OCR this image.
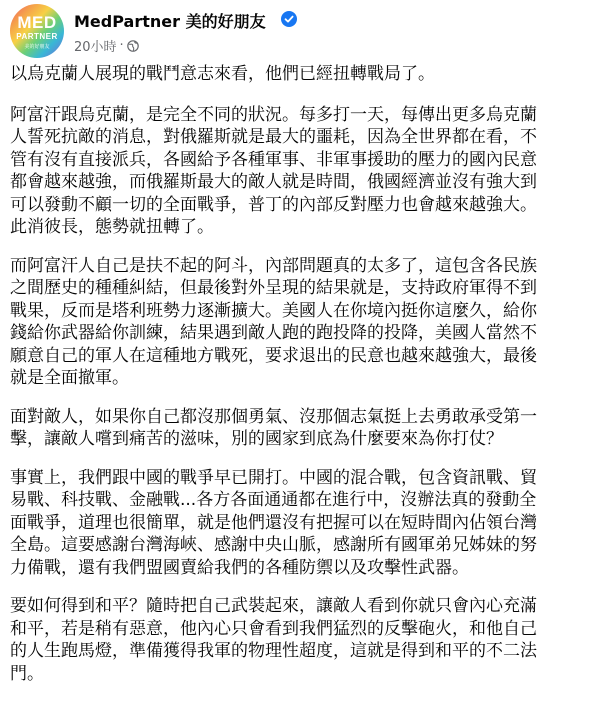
MED
PARTNER
美的好朋友
MedPartner 美的好朋友
20小時 ·
以烏克蘭人展現的戰鬥意志來看，他們已經扭轉戰局了。
阿富汗跟烏克蘭，是完全不同的狀況。每多打一天，每傳出更多烏克蘭
人誓死抗敵的消息，對俄羅斯就是最大的噩耗，因為全世界都在看，不
管有沒有直接派兵，各國給予各種軍事、非軍事援助的壓力的國內民意
都會越來越強，而俄羅斯最大的敵人就是時間，俄國經濟並沒有強大到
可以發動不顧一切的全面戰爭，普丁的內部反對壓力也會越來越強大。
此消彼長，態勢就扭轉了。
而阿富汗人自己是扶不起的阿斗，內部問題真的太多了，這包含各民族
之間歷史的種種糾結，但最後對外呈現的結果就是，支持政府軍得不到
戰果，反而是塔利班勢力逐漸擴大。美國人在你境內挺你這麼久，給你
錢給你武器給你訓練，結果遇到敵人跑的跑投降的投降，美國人當然不
願意自己的軍人在這種地方戰死，要求退出的民意也越來越強大，最後
就是全面撤軍。
面對敵人，如果你自己都沒那個勇氣、沒那個志氣挺上去勇敢承受第一
擊，讓敵人嚐到痛苦的滋味，別的國家到底為什麼要來為你打仗？
事實上，我們跟中國的戰爭早已開打。中國的混合戰，包含資訊戰、貿
易戰、科技戰、金融戰...各方各面通通都在進行中，沒辦法真的發動全
面戰爭，道理也很簡單，就是他們還沒有把握可以在短時間內佔領台灣
全島。這要感謝台灣海峽、感謝中央山脈，感謝所有國軍弟兄姊妹的努
力備戰，還有我們盟國賣給我們的各種防禦以及攻擊性武器。
要如何得到和平？隨時把自己武裝起來，讓敵人看到你就只會內心充滿
和平，若是稍有惡意，他內心只會看到我們猛烈的反擊砲火，和他自己
的人生跑馬燈，準備獲得我軍的物理性超度，這就是得到和平的不二法
門。
